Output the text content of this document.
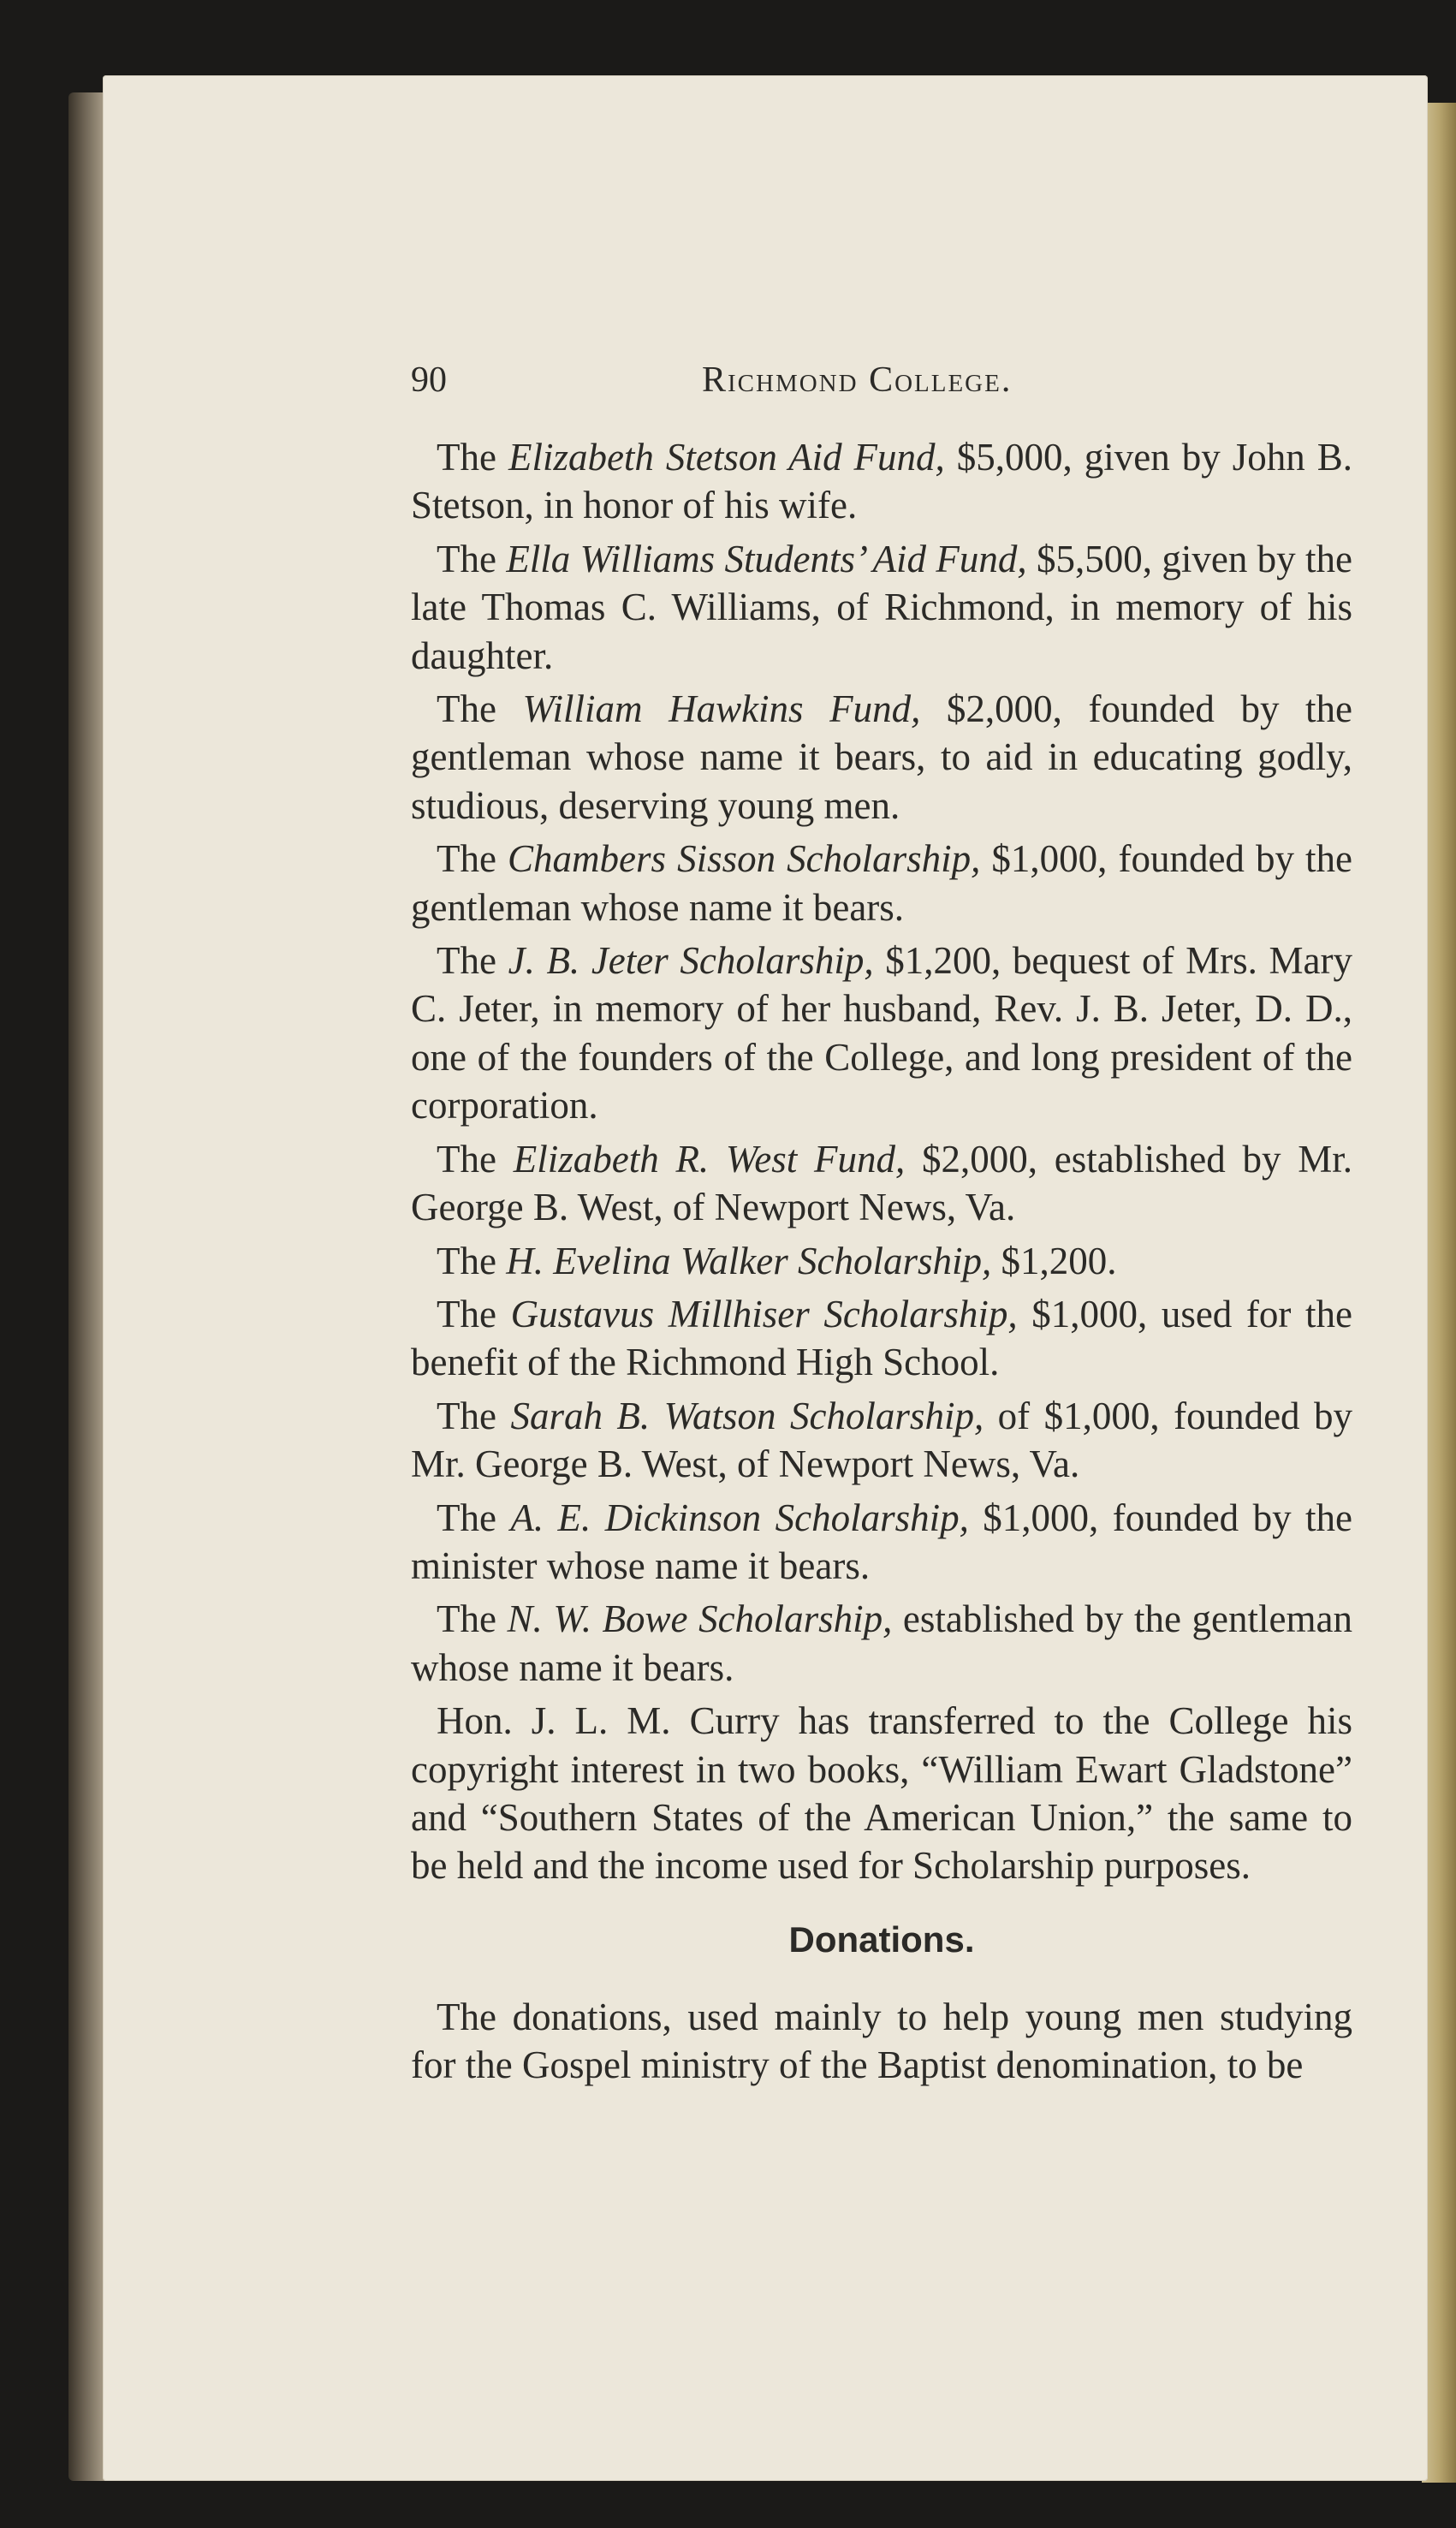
90	Richmond College.

The Elizabeth Stetson Aid Fund, $5,000, given by John B. Stetson, in honor of his wife.

The Ella Williams Students’ Aid Fund, $5,500, given by the late Thomas C. Williams, of Richmond, in memory of his daughter.

The William Hawkins Fund, $2,000, founded by the gentleman whose name it bears, to aid in educating godly, studious, deserving young men.

The Chambers Sisson Scholarship, $1,000, founded by the gentleman whose name it bears.

The J. B. Jeter Scholarship, $1,200, bequest of Mrs. Mary C. Jeter, in memory of her husband, Rev. J. B. Jeter, D. D., one of the founders of the College, and long president of the corporation.

The Elizabeth R. West Fund, $2,000, established by Mr. George B. West, of Newport News, Va.

The H. Evelina Walker Scholarship, $1,200.

The Gustavus Millhiser Scholarship, $1,000, used for the benefit of the Richmond High School.

The Sarah B. Watson Scholarship, of $1,000, founded by Mr. George B. West, of Newport News, Va.

The A. E. Dickinson Scholarship, $1,000, founded by the minister whose name it bears.

The N. W. Bowe Scholarship, established by the gentleman whose name it bears.

Hon. J. L. M. Curry has transferred to the College his copyright interest in two books, “William Ewart Gladstone” and “Southern States of the American Union,” the same to be held and the income used for Scholarship purposes.

Donations.

The donations, used mainly to help young men studying for the Gospel ministry of the Baptist denomination, to be
